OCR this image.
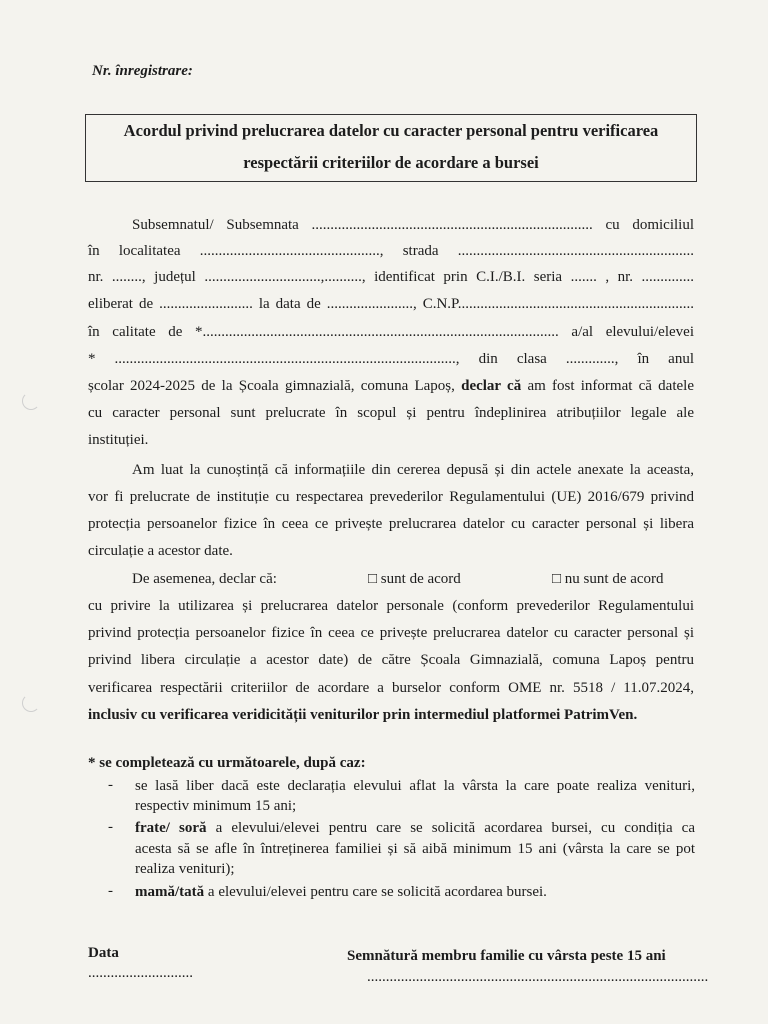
Nr. înregistrare:
Acordul privind prelucrarea datelor cu caracter personal pentru verificarea
respectării criteriilor de acordare a bursei
Subsemnatul/ Subsemnata ........................................................................... cu domiciliul
în localitatea ................................................, strada ...............................................................
nr. ........, județul ...............................,.........., identificat prin C.I./B.I. seria ....... , nr. ..............
eliberat de ......................... la data de ......................., C.N.P...............................................................
în calitate de *............................................................................................... a/al elevului/elevei
* ..........................................................................................., din clasa ............., în anul
școlar 2024-2025 de la Școala gimnazială, comuna Lapoș, declar că am fost informat că datele
cu caracter personal sunt prelucrate în scopul și pentru îndeplinirea atribuțiilor legale ale
instituției.
Am luat la cunoștință că informațiile din cererea depusă și din actele anexate la aceasta,
vor fi prelucrate de instituție cu respectarea prevederilor Regulamentului (UE) 2016/679 privind
protecția persoanelor fizice în ceea ce privește prelucrarea datelor cu caracter personal și libera
circulație a acestor date.
De asemenea, declar că:	□ sunt de acord	□ nu sunt de acord
cu privire la utilizarea și prelucrarea datelor personale (conform prevederilor Regulamentului
privind protecția persoanelor fizice în ceea ce privește prelucrarea datelor cu caracter personal și
privind libera circulație a acestor date) de către Școala Gimnazială, comuna Lapoș pentru
verificarea respectării criteriilor de acordare a burselor conform OME nr. 5518 / 11.07.2024,
inclusiv cu verificarea veridicității veniturilor prin intermediul platformei PatrimVen.
* se completează cu următoarele, după caz:
- se lasă liber dacă este declarația elevului aflat la vârsta la care poate realiza venituri,
respectiv minimum 15 ani;
- frate/ soră a elevului/elevei pentru care se solicită acordarea bursei, cu condiția ca
acesta să se afle în întreținerea familiei și să aibă minimum 15 ani (vârsta la care se pot
realiza venituri);
- mamă/tată a elevului/elevei pentru care se solicită acordarea bursei.
Data
............................
Semnătură membru familie cu vârsta peste 15 ani
...........................................................................................
